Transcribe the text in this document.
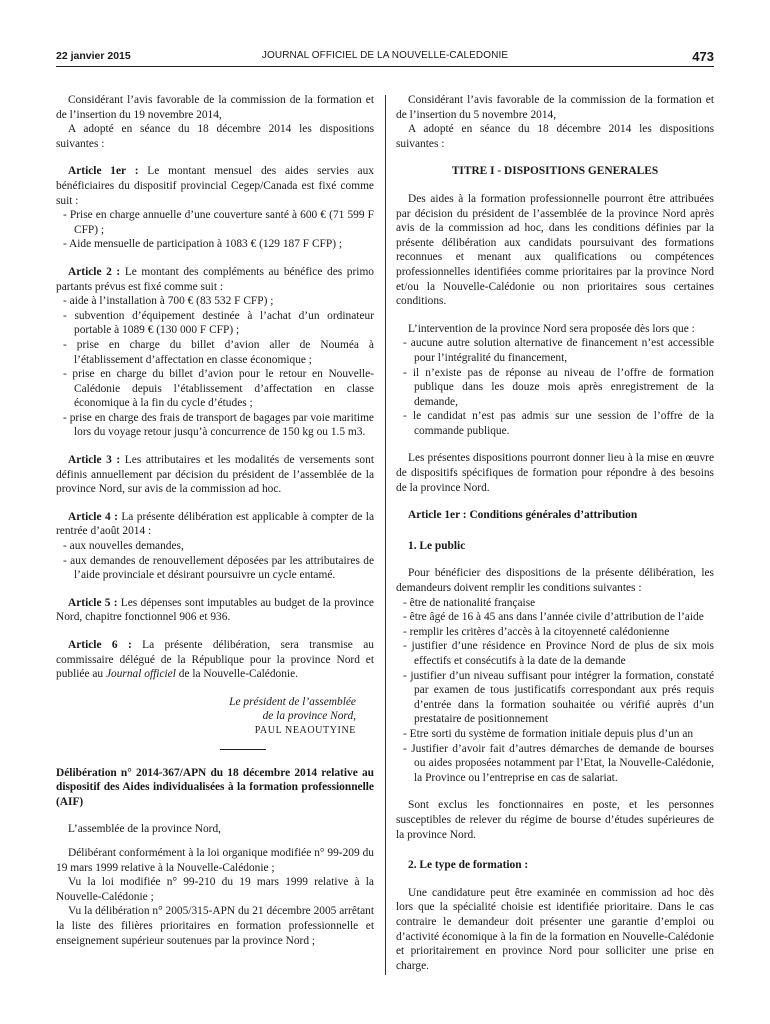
22 janvier 2015	JOURNAL OFFICIEL DE LA NOUVELLE-CALEDONIE	473

Considérant l’avis favorable de la commission de la formation et de l’insertion du 19 novembre 2014,

A adopté en séance du 18 décembre 2014 les dispositions suivantes :

Article 1er : Le montant mensuel des aides servies aux bénéficiaires du dispositif provincial Cegep/Canada est fixé comme suit :

- Prise en charge annuelle d’une couverture santé à 600 € (71 599 F CFP) ;

- Aide mensuelle de participation à 1083 € (129 187 F CFP) ;

Article 2 : Le montant des compléments au bénéfice des primo partants prévus est fixé comme suit :

- aide à l’installation à 700 € (83 532 F CFP) ;

- subvention d’équipement destinée à l’achat d’un ordinateur portable à 1089 € (130 000 F CFP) ;

- prise en charge du billet d’avion aller de Nouméa à l’établissement d’affectation en classe économique ;

- prise en charge du billet d’avion pour le retour en Nouvelle-Calédonie depuis l’établissement d’affectation en classe économique à la fin du cycle d’études ;

- prise en charge des frais de transport de bagages par voie maritime lors du voyage retour jusqu’à concurrence de 150 kg ou 1.5 m3.

Article 3 : Les attributaires et les modalités de versements sont définis annuellement par décision du président de l’assemblée de la province Nord, sur avis de la commission ad hoc.

Article 4 : La présente délibération est applicable à compter de la rentrée d’août 2014 :

- aux nouvelles demandes,

- aux demandes de renouvellement déposées par les attributaires de l’aide provinciale et désirant poursuivre un cycle entamé.

Article 5 : Les dépenses sont imputables au budget de la province Nord, chapitre fonctionnel 906 et 936.

Article 6 : La présente délibération, sera transmise au commissaire délégué de la République pour la province Nord et publiée au Journal officiel de la Nouvelle-Calédonie.

Le président de l’assemblée

de la province Nord,

PAUL NEAOUTYINE

Délibération n° 2014-367/APN du 18 décembre 2014 relative au dispositif des Aides individualisées à la formation professionnelle (AIF)

L’assemblée de la province Nord,

Délibérant conformément à la loi organique modifiée n° 99-209 du 19 mars 1999 relative à la Nouvelle-Calédonie ;

Vu la loi modifiée n° 99-210 du 19 mars 1999 relative à la Nouvelle-Calédonie ;

Vu la délibération n° 2005/315-APN du 21 décembre 2005 arrêtant la liste des filières prioritaires en formation professionnelle et enseignement supérieur soutenues par la province Nord ;

Considérant l’avis favorable de la commission de la formation et de l’insertion du 5 novembre 2014,

A adopté en séance du 18 décembre 2014 les dispositions suivantes :

TITRE I - DISPOSITIONS GENERALES

Des aides à la formation professionnelle pourront être attribuées par décision du président de l’assemblée de la province Nord après avis de la commission ad hoc, dans les conditions définies par la présente délibération aux candidats poursuivant des formations reconnues et menant aux qualifications ou compétences professionnelles identifiées comme prioritaires par la province Nord et/ou la Nouvelle-Calédonie ou non prioritaires sous certaines conditions.

L’intervention de la province Nord sera proposée dès lors que :

- aucune autre solution alternative de financement n’est accessible pour l’intégralité du financement,

- il n’existe pas de réponse au niveau de l’offre de formation publique dans les douze mois après enregistrement de la demande,

- le candidat n’est pas admis sur une session de l’offre de la commande publique.

Les présentes dispositions pourront donner lieu à la mise en œuvre de dispositifs spécifiques de formation pour répondre à des besoins de la province Nord.

Article 1er : Conditions générales d’attribution

1. Le public

Pour bénéficier des dispositions de la présente délibération, les demandeurs doivent remplir les conditions suivantes :

- être de nationalité française

- être âgé de 16 à 45 ans dans l’année civile d’attribution de l’aide

- remplir les critères d’accès à la citoyenneté calédonienne

- justifier d’une résidence en Province Nord de plus de six mois effectifs et consécutifs à la date de la demande

- justifier d’un niveau suffisant pour intégrer la formation, constaté par examen de tous justificatifs correspondant aux prés requis d’entrée dans la formation souhaitée ou vérifié auprès d’un prestataire de positionnement

- Etre sorti du système de formation initiale depuis plus d’un an

- Justifier d’avoir fait d’autres démarches de demande de bourses ou aides proposées notamment par l’Etat, la Nouvelle-Calédonie, la Province ou l’entreprise en cas de salariat.

Sont exclus les fonctionnaires en poste, et les personnes susceptibles de relever du régime de bourse d’études supérieures de la province Nord.

2. Le type de formation :

Une candidature peut être examinée en commission ad hoc dès lors que la spécialité choisie est identifiée prioritaire. Dans le cas contraire le demandeur doit présenter une garantie d’emploi ou d’activité économique à la fin de la formation en Nouvelle-Calédonie et prioritairement en province Nord pour solliciter une prise en charge.
